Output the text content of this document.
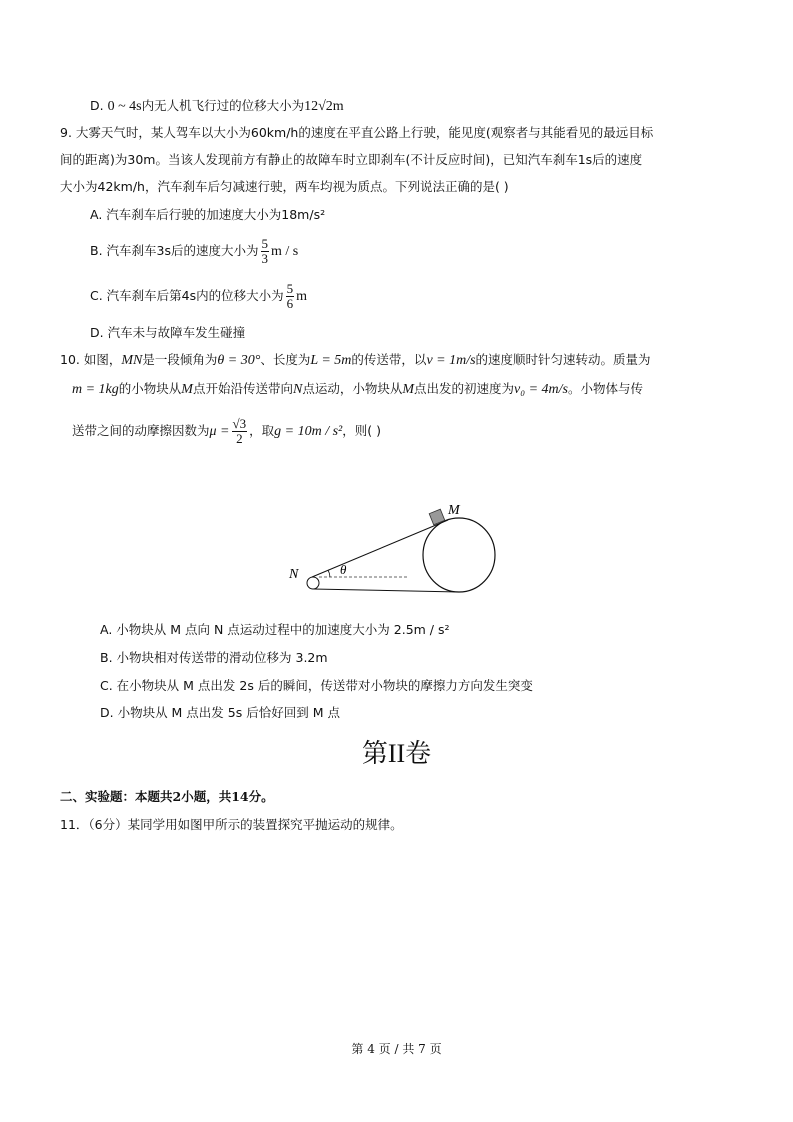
D. 0 ~ 4s内无人机飞行过的位移大小为12√2m
9. 大雾天气时，某人驾车以大小为60km/h的速度在平直公路上行驶，能见度(观察者与其能看见的最远目标
间的距离)为30m。当该人发现前方有静止的故障车时立即刹车(不计反应时间)，已知汽车刹车1s后的速度
大小为42km/h，汽车刹车后匀减速行驶，两车均视为质点。下列说法正确的是( )
A. 汽车刹车后行驶的加速度大小为18m/s²
B. 汽车刹车3s后的速度大小为 $\frac{5}{3}$ m / s
C. 汽车刹车后第4s内的位移大小为 $\frac{5}{6}$ m
D. 汽车未与故障车发生碰撞
10. 如图，MN是一段倾角为θ = 30°、长度为L = 5m的传送带，以v = 1m/s的速度顺时针匀速转动。质量为
m = 1kg的小物块从M点开始沿传送带向N点运动，小物块从M点出发的初速度为v₀ = 4m/s。小物体与传
送带之间的动摩擦因数为$\mu = \frac{√3}{2}$ ，取g = 10m / s²，则( )
M
N	θ
A. 小物块从 M 点向 N 点运动过程中的加速度大小为 2.5m / s²
B. 小物块相对传送带的滑动位移为 3.2m
C. 在小物块从 M 点出发 2s 后的瞬间，传送带对小物块的摩擦力方向发生突变
D. 小物块从 M 点出发 5s 后恰好回到 M 点
第II卷
二、实验题：本题共2小题，共14分。
11．（6分）某同学用如图甲所示的装置探究平抛运动的规律。
第 4 页 / 共 7 页
